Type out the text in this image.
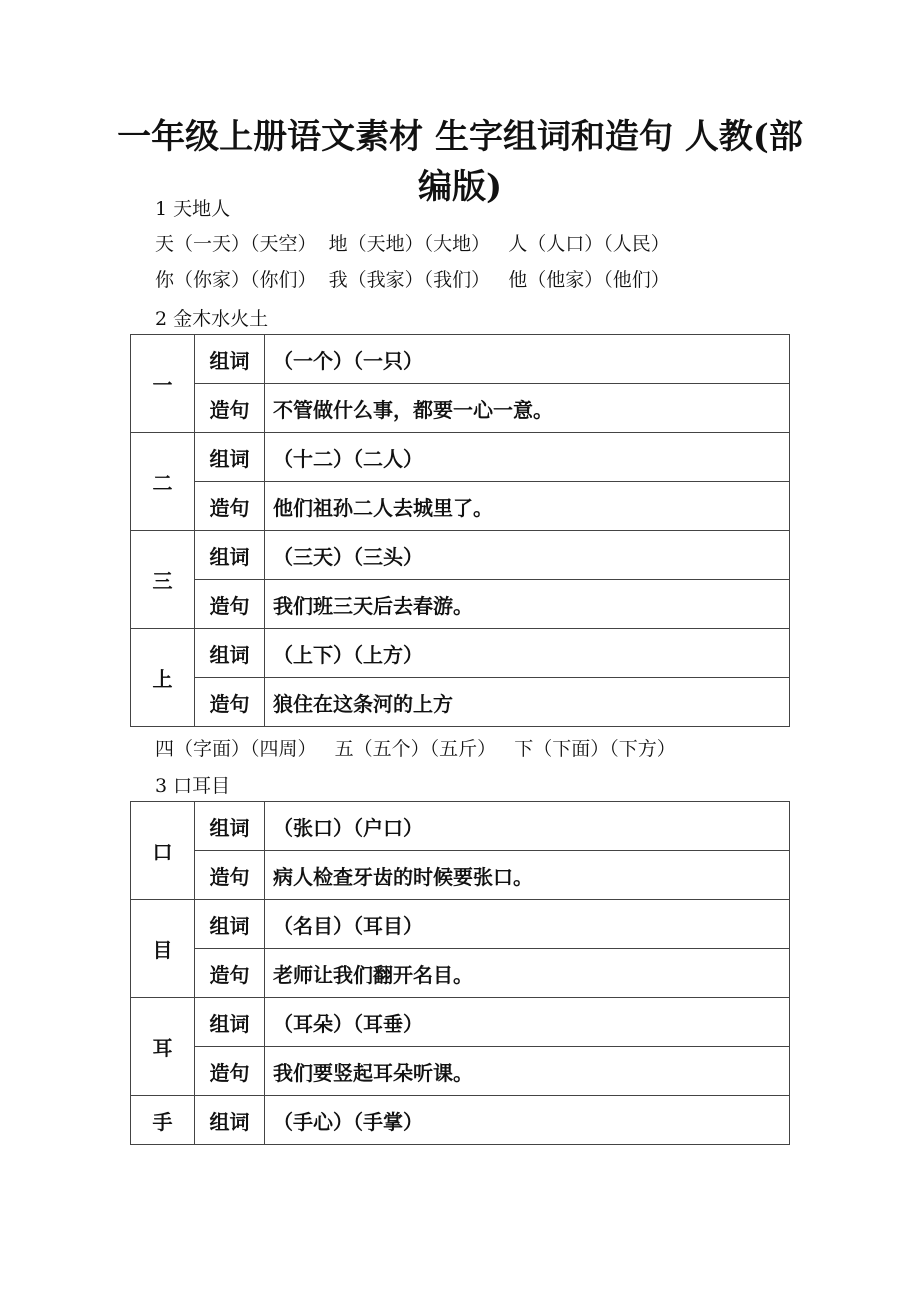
一年级上册语文素材 生字组词和造句 人教(部
编版)
1 天地人
天（一天）（天空）  地（天地）（大地）   人（人口）（人民）
你（你家）（你们）  我（我家）（我们）   他（他家）（他们）
2 金木水火土
一	组词	（一个）（一只）
	造句	不管做什么事，都要一心一意。
二	组词	（十二）（二人）
	造句	他们祖孙二人去城里了。
三	组词	（三天）（三头）
	造句	我们班三天后去春游。
上	组词	（上下）（上方）
	造句	狼住在这条河的上方
四（字面）（四周）   五（五个）（五斤）   下（下面）（下方）
3 口耳目
口	组词	（张口）（户口）
	造句	病人检查牙齿的时候要张口。
目	组词	（名目）（耳目）
	造句	老师让我们翻开名目。
耳	组词	（耳朵）（耳垂）
	造句	我们要竖起耳朵听课。
手	组词	（手心）（手掌）
